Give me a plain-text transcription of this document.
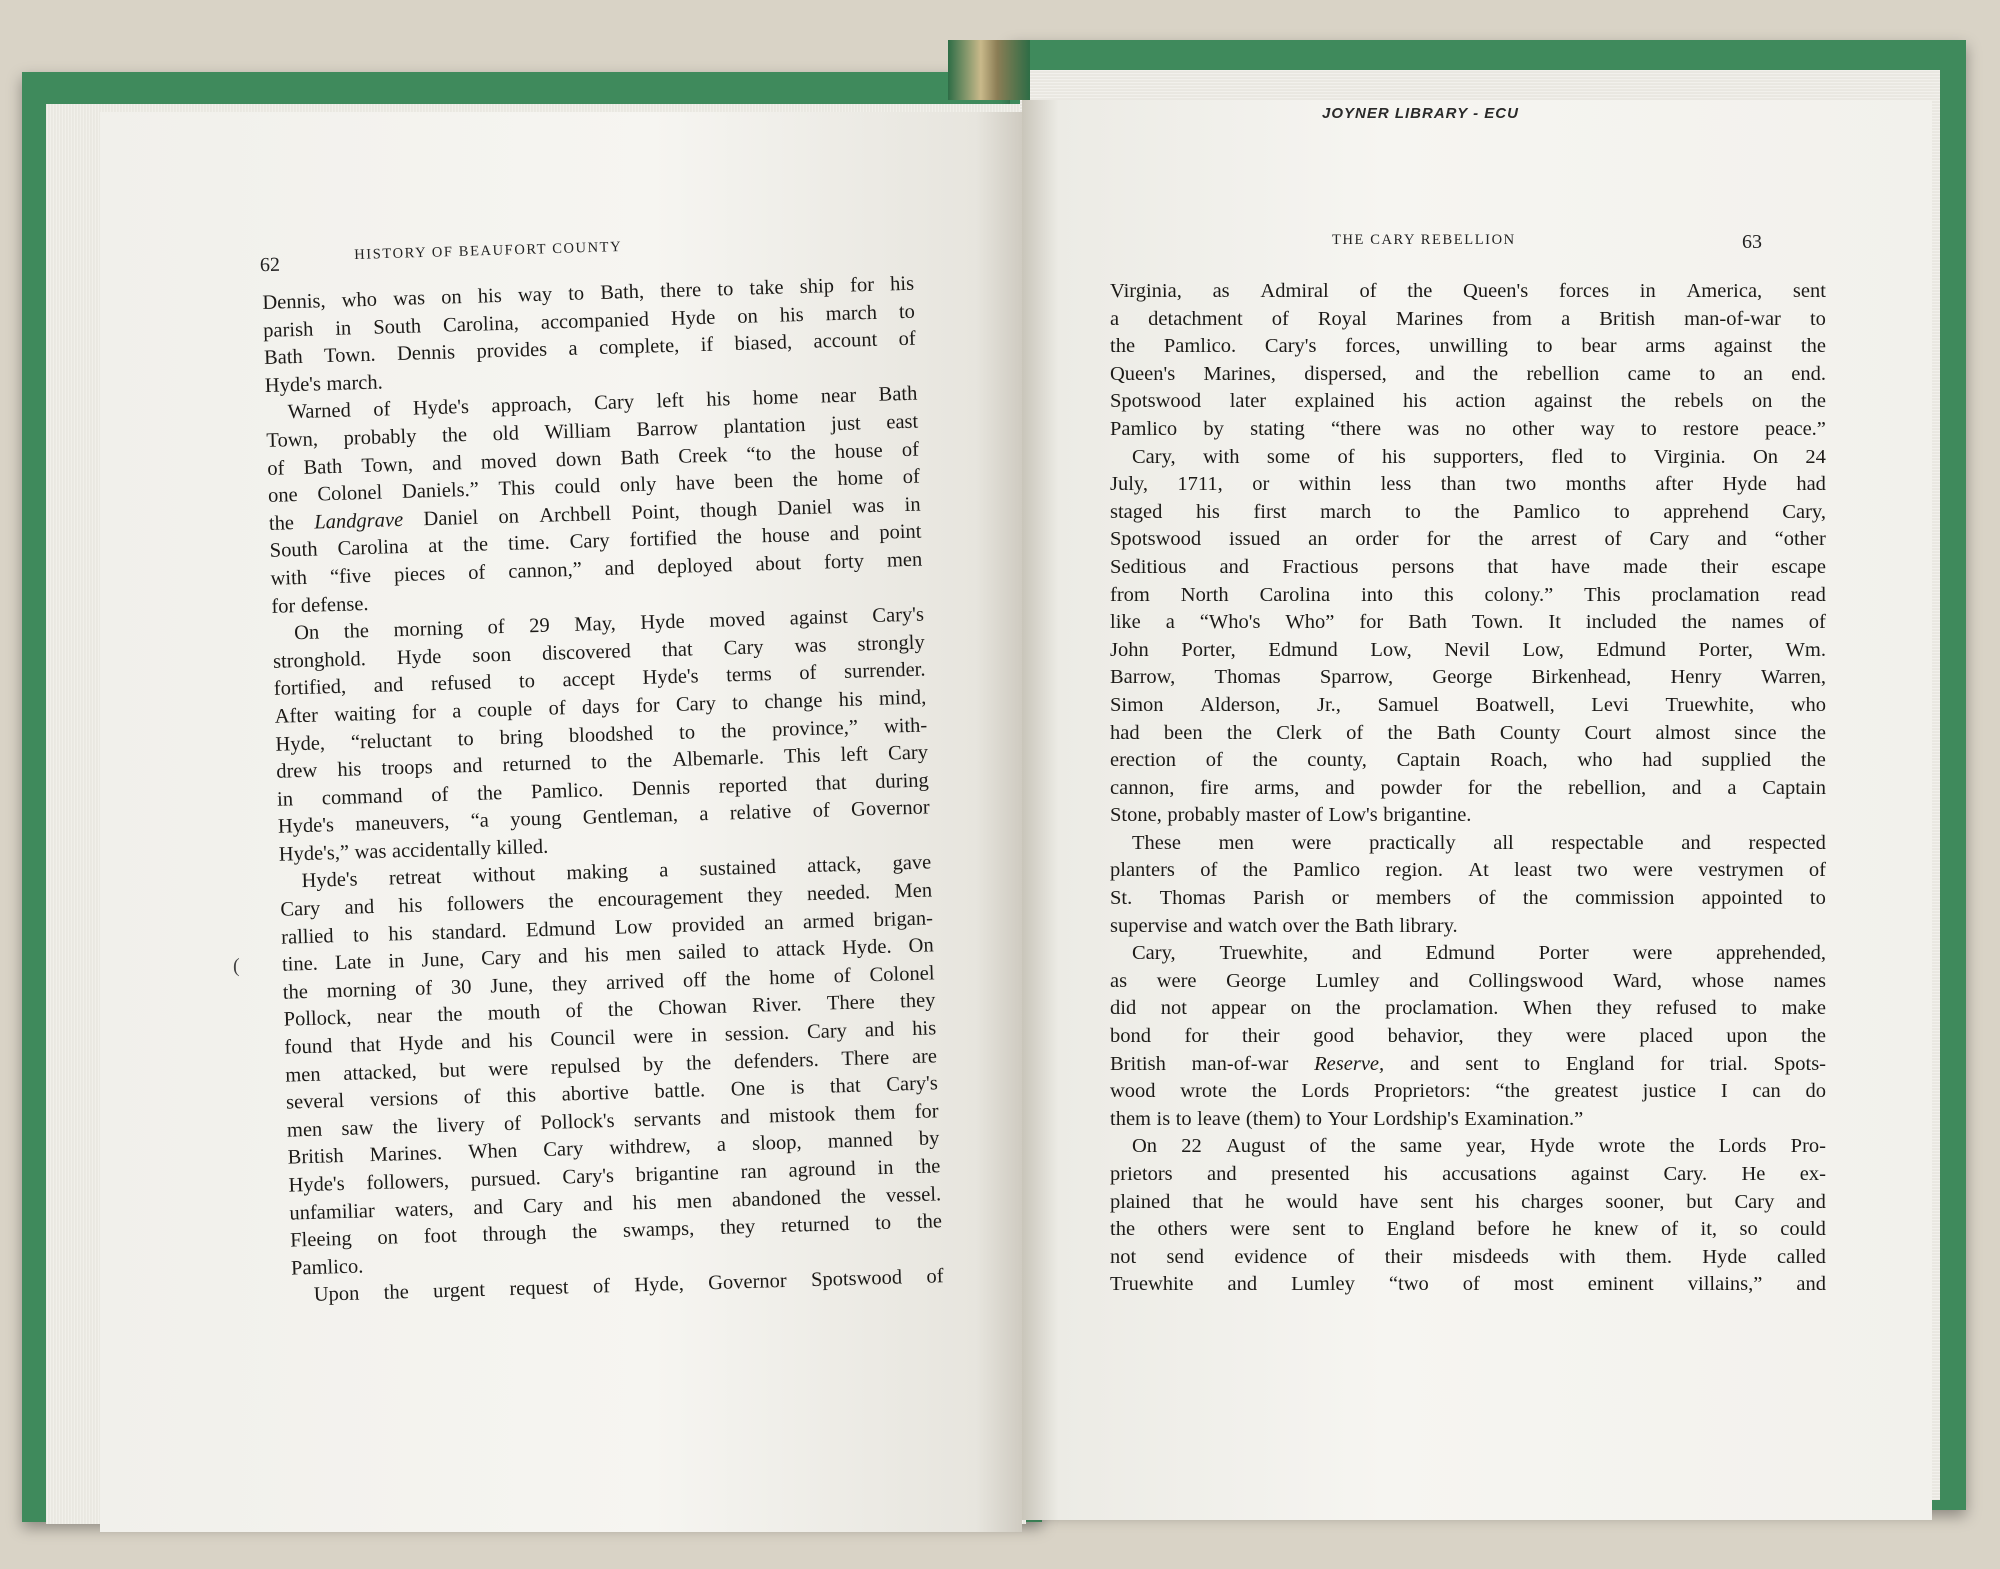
62
HISTORY OF BEAUFORT COUNTY
(
Dennis, who was on his way to Bath, there to take ship for his
parish in South Carolina, accompanied Hyde on his march to
Bath Town. Dennis provides a complete, if biased, account of
Hyde's march.
Warned of Hyde's approach, Cary left his home near Bath
Town, probably the old William Barrow plantation just east
of Bath Town, and moved down Bath Creek “to the house of
one Colonel Daniels.” This could only have been the home of
the Landgrave Daniel on Archbell Point, though Daniel was in
South Carolina at the time. Cary fortified the house and point
with “five pieces of cannon,” and deployed about forty men
for defense.
On the morning of 29 May, Hyde moved against Cary's
stronghold. Hyde soon discovered that Cary was strongly
fortified, and refused to accept Hyde's terms of surrender.
After waiting for a couple of days for Cary to change his mind,
Hyde, “reluctant to bring bloodshed to the province,” with-
drew his troops and returned to the Albemarle. This left Cary
in command of the Pamlico. Dennis reported that during
Hyde's maneuvers, “a young Gentleman, a relative of Governor
Hyde's,” was accidentally killed.
Hyde's retreat without making a sustained attack, gave
Cary and his followers the encouragement they needed. Men
rallied to his standard. Edmund Low provided an armed brigan-
tine. Late in June, Cary and his men sailed to attack Hyde. On
the morning of 30 June, they arrived off the home of Colonel
Pollock, near the mouth of the Chowan River. There they
found that Hyde and his Council were in session. Cary and his
men attacked, but were repulsed by the defenders. There are
several versions of this abortive battle. One is that Cary's
men saw the livery of Pollock's servants and mistook them for
British Marines. When Cary withdrew, a sloop, manned by
Hyde's followers, pursued. Cary's brigantine ran aground in the
unfamiliar waters, and Cary and his men abandoned the vessel.
Fleeing on foot through the swamps, they returned to the
Pamlico.
Upon the urgent request of Hyde, Governor Spotswood of
JOYNER LIBRARY - ECU
THE CARY REBELLION	63
Virginia, as Admiral of the Queen's forces in America, sent
a detachment of Royal Marines from a British man-of-war to
the Pamlico. Cary's forces, unwilling to bear arms against the
Queen's Marines, dispersed, and the rebellion came to an end.
Spotswood later explained his action against the rebels on the
Pamlico by stating “there was no other way to restore peace.”
Cary, with some of his supporters, fled to Virginia. On 24
July, 1711, or within less than two months after Hyde had
staged his first march to the Pamlico to apprehend Cary,
Spotswood issued an order for the arrest of Cary and “other
Seditious and Fractious persons that have made their escape
from North Carolina into this colony.” This proclamation read
like a “Who's Who” for Bath Town. It included the names of
John Porter, Edmund Low, Nevil Low, Edmund Porter, Wm.
Barrow, Thomas Sparrow, George Birkenhead, Henry Warren,
Simon Alderson, Jr., Samuel Boatwell, Levi Truewhite, who
had been the Clerk of the Bath County Court almost since the
erection of the county, Captain Roach, who had supplied the
cannon, fire arms, and powder for the rebellion, and a Captain
Stone, probably master of Low's brigantine.
These men were practically all respectable and respected
planters of the Pamlico region. At least two were vestrymen of
St. Thomas Parish or members of the commission appointed to
supervise and watch over the Bath library.
Cary, Truewhite, and Edmund Porter were apprehended,
as were George Lumley and Collingswood Ward, whose names
did not appear on the proclamation. When they refused to make
bond for their good behavior, they were placed upon the
British man-of-war Reserve, and sent to England for trial. Spots-
wood wrote the Lords Proprietors: “the greatest justice I can do
them is to leave (them) to Your Lordship's Examination.”
On 22 August of the same year, Hyde wrote the Lords Pro-
prietors and presented his accusations against Cary. He ex-
plained that he would have sent his charges sooner, but Cary and
the others were sent to England before he knew of it, so could
not send evidence of their misdeeds with them. Hyde called
Truewhite and Lumley “two of most eminent villains,” and
